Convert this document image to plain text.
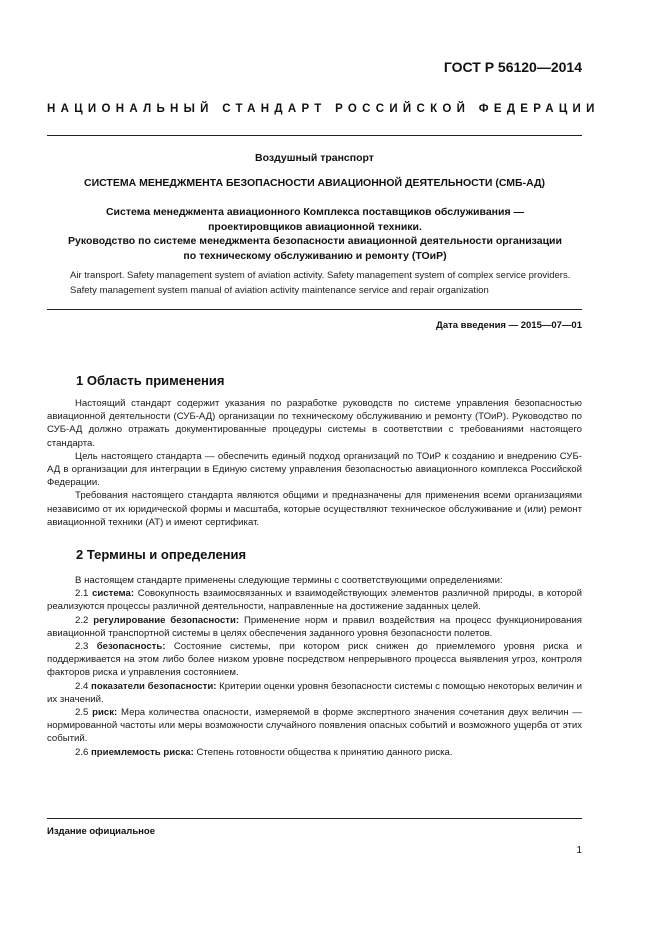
ГОСТ Р 56120—2014
НАЦИОНАЛЬНЫЙ СТАНДАРТ РОССИЙСКОЙ ФЕДЕРАЦИИ
Воздушный транспорт
СИСТЕМА МЕНЕДЖМЕНТА БЕЗОПАСНОСТИ АВИАЦИОННОЙ ДЕЯТЕЛЬНОСТИ (СМБ-АД)
Система менеджмента авиационного Комплекса поставщиков обслуживания —
проектировщиков авиационной техники.
Руководство по системе менеджмента безопасности авиационной деятельности организации
по техническому обслуживанию и ремонту (ТОиР)
Air transport. Safety management system of aviation activity. Safety management system of complex service providers. Safety management system manual of aviation activity maintenance service and repair organization
Дата введения — 2015—07—01
1 Область применения

Настоящий стандарт содержит указания по разработке руководств по системе управления безопасностью авиационной деятельности (СУБ-АД) организации по техническому обслуживанию и ремонту (ТОиР). Руководство по СУБ-АД должно отражать документированные процедуры системы в соответствии с требованиями настоящего стандарта.

Цель настоящего стандарта — обеспечить единый подход организаций по ТОиР к созданию и внедрению СУБ-АД в организации для интеграции в Единую систему управления безопасностью авиационного комплекса Российской Федерации.

Требования настоящего стандарта являются общими и предназначены для применения всеми организациями независимо от их юридической формы и масштаба, которые осуществляют техническое обслуживание и (или) ремонт авиационной техники (АТ) и имеют сертификат.

2 Термины и определения

В настоящем стандарте применены следующие термины с соответствующими определениями:

2.1 система: Совокупность взаимосвязанных и взаимодействующих элементов различной природы, в которой реализуются процессы различной деятельности, направленные на достижение заданных целей.

2.2 регулирование безопасности: Применение норм и правил воздействия на процесс функционирования авиационной транспортной системы в целях обеспечения заданного уровня безопасности полетов.

2.3 безопасность: Состояние системы, при котором риск снижен до приемлемого уровня риска и поддерживается на этом либо более низком уровне посредством непрерывного процесса выявления угроз, контроля факторов риска и управления состоянием.

2.4 показатели безопасности: Критерии оценки уровня безопасности системы с помощью некоторых величин и их значений.

2.5 риск: Мера количества опасности, измеряемой в форме экспертного значения сочетания двух величин — нормированной частоты или меры возможности случайного появления опасных событий и возможного ущерба от этих событий.

2.6 приемлемость риска: Степень готовности общества к принятию данного риска.

Издание официальное
1
